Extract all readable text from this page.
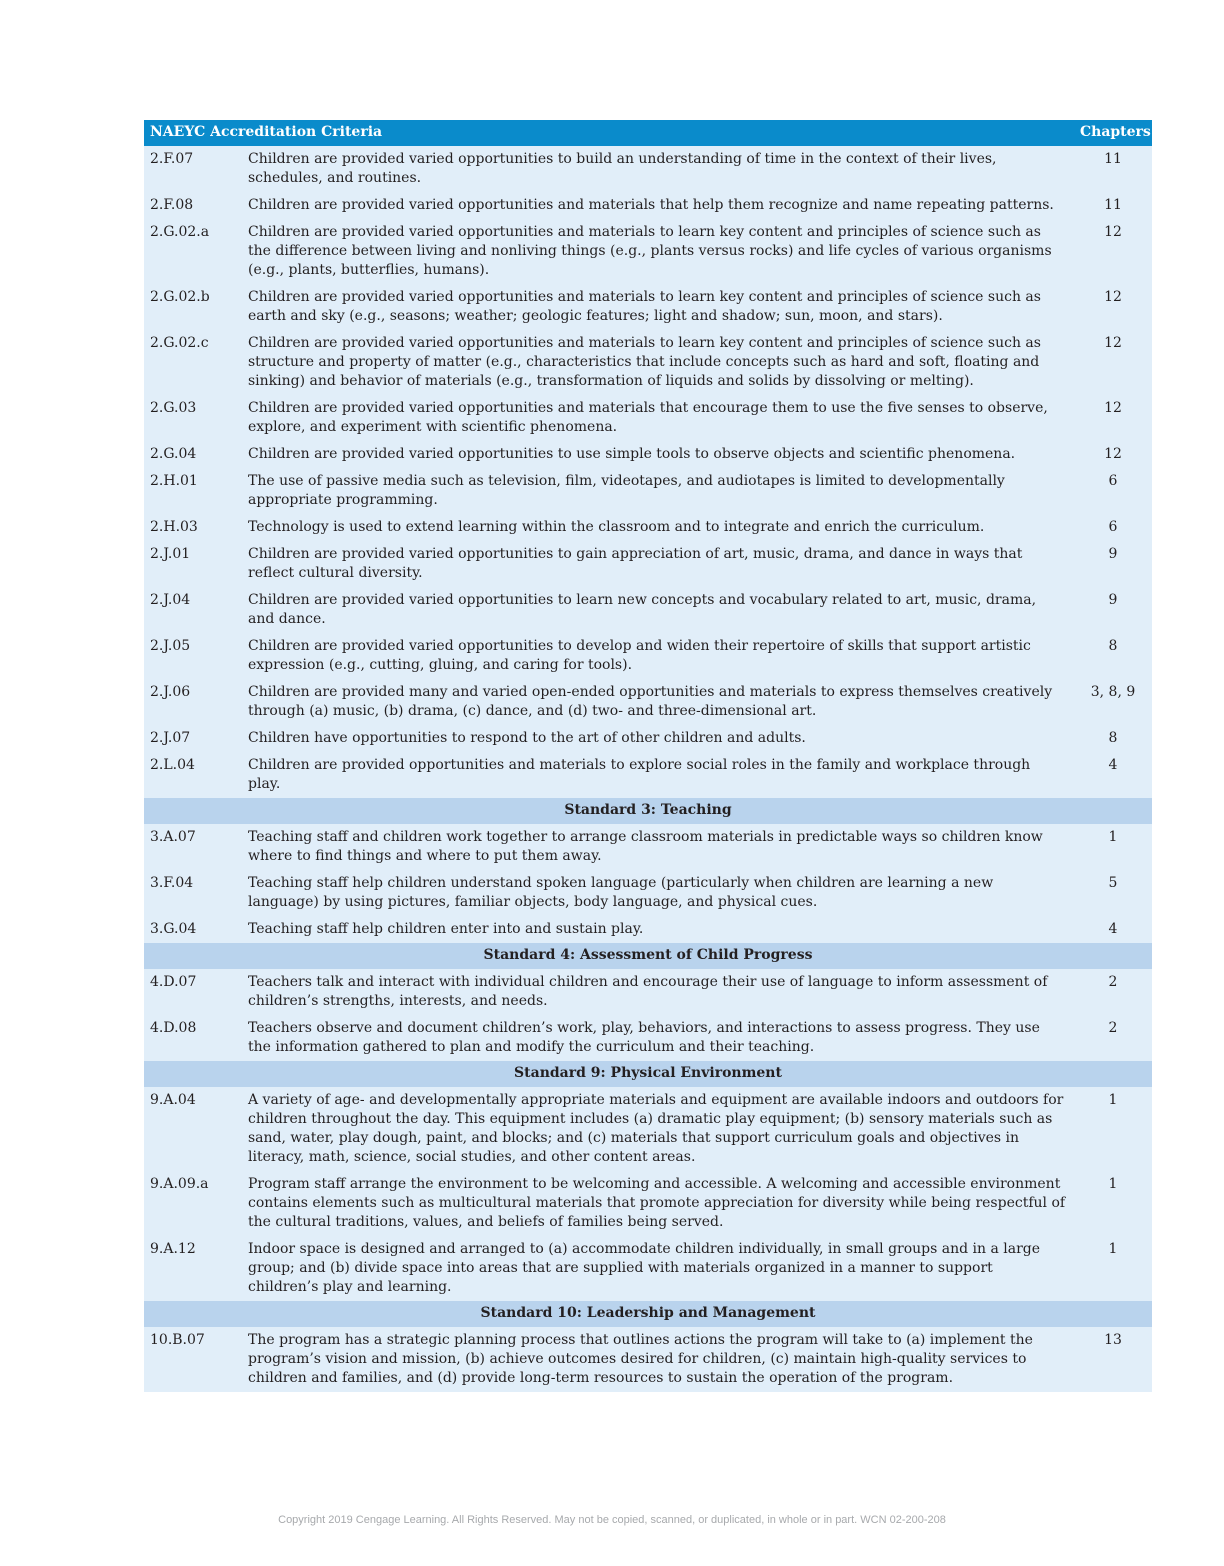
NAEYC Accreditation Criteria		Chapters
2.F.07	Children are provided varied opportunities to build an understanding of time in the context of their lives, schedules, and routines.	11
2.F.08	Children are provided varied opportunities and materials that help them recognize and name repeating patterns.	11
2.G.02.a	Children are provided varied opportunities and materials to learn key content and principles of science such as the difference between living and nonliving things (e.g., plants versus rocks) and life cycles of various organisms (e.g., plants, butterflies, humans).	12
2.G.02.b	Children are provided varied opportunities and materials to learn key content and principles of science such as earth and sky (e.g., seasons; weather; geologic features; light and shadow; sun, moon, and stars).	12
2.G.02.c	Children are provided varied opportunities and materials to learn key content and principles of science such as structure and property of matter (e.g., characteristics that include concepts such as hard and soft, floating and sinking) and behavior of materials (e.g., transformation of liquids and solids by dissolving or melting).	12
2.G.03	Children are provided varied opportunities and materials that encourage them to use the five senses to observe, explore, and experiment with scientific phenomena.	12
2.G.04	Children are provided varied opportunities to use simple tools to observe objects and scientific phenomena.	12
2.H.01	The use of passive media such as television, film, videotapes, and audiotapes is limited to developmentally appropriate programming.	6
2.H.03	Technology is used to extend learning within the classroom and to integrate and enrich the curriculum.	6
2.J.01	Children are provided varied opportunities to gain appreciation of art, music, drama, and dance in ways that reflect cultural diversity.	9
2.J.04	Children are provided varied opportunities to learn new concepts and vocabulary related to art, music, drama, and dance.	9
2.J.05	Children are provided varied opportunities to develop and widen their repertoire of skills that support artistic expression (e.g., cutting, gluing, and caring for tools).	8
2.J.06	Children are provided many and varied open-ended opportunities and materials to express themselves creatively through (a) music, (b) drama, (c) dance, and (d) two- and three-dimensional art.	3, 8, 9
2.J.07	Children have opportunities to respond to the art of other children and adults.	8
2.L.04	Children are provided opportunities and materials to explore social roles in the family and workplace through play.	4
Standard 3: Teaching		
3.A.07	Teaching staff and children work together to arrange classroom materials in predictable ways so children know where to find things and where to put them away.	1
3.F.04	Teaching staff help children understand spoken language (particularly when children are learning a new language) by using pictures, familiar objects, body language, and physical cues.	5
3.G.04	Teaching staff help children enter into and sustain play.	4
Standard 4: Assessment of Child Progress		
4.D.07	Teachers talk and interact with individual children and encourage their use of language to inform assessment of children’s strengths, interests, and needs.	2
4.D.08	Teachers observe and document children’s work, play, behaviors, and interactions to assess progress. They use the information gathered to plan and modify the curriculum and their teaching.	2
Standard 9: Physical Environment		
9.A.04	A variety of age- and developmentally appropriate materials and equipment are available indoors and outdoors for children throughout the day. This equipment includes (a) dramatic play equipment; (b) sensory materials such as sand, water, play dough, paint, and blocks; and (c) materials that support curriculum goals and objectives in literacy, math, science, social studies, and other content areas.	1
9.A.09.a	Program staff arrange the environment to be welcoming and accessible. A welcoming and accessible environment contains elements such as multicultural materials that promote appreciation for diversity while being respectful of the cultural traditions, values, and beliefs of families being served.	1
9.A.12	Indoor space is designed and arranged to (a) accommodate children individually, in small groups and in a large group; and (b) divide space into areas that are supplied with materials organized in a manner to support children’s play and learning.	1
Standard 10: Leadership and Management		
10.B.07	The program has a strategic planning process that outlines actions the program will take to (a) implement the program’s vision and mission, (b) achieve outcomes desired for children, (c) maintain high-quality services to children and families, and (d) provide long-term resources to sustain the operation of the program.	13
Copyright 2019 Cengage Learning. All Rights Reserved. May not be copied, scanned, or duplicated, in whole or in part. WCN 02-200-208
